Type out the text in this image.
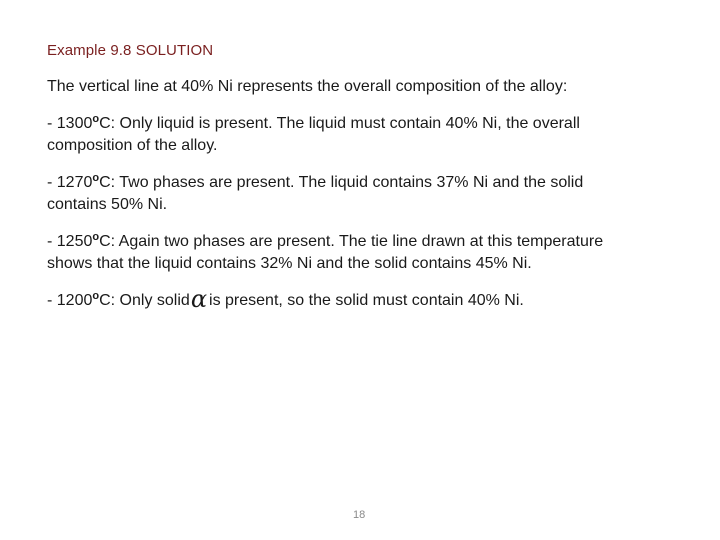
Example 9.8 SOLUTION

The vertical line at 40% Ni represents the overall composition of the alloy:

- 1300$^o$C: Only liquid is present. The liquid must contain 40% Ni, the overall composition of the alloy.

- 1270$^o$C: Two phases are present. The liquid contains 37% Ni and the solid contains 50% Ni.

- 1250$^o$C: Again two phases are present. The tie line drawn at this temperature shows that the liquid contains 32% Ni and the solid contains 45% Ni.

- 1200$^o$C: Only solidα is present, so the solid must contain 40% Ni.

18
